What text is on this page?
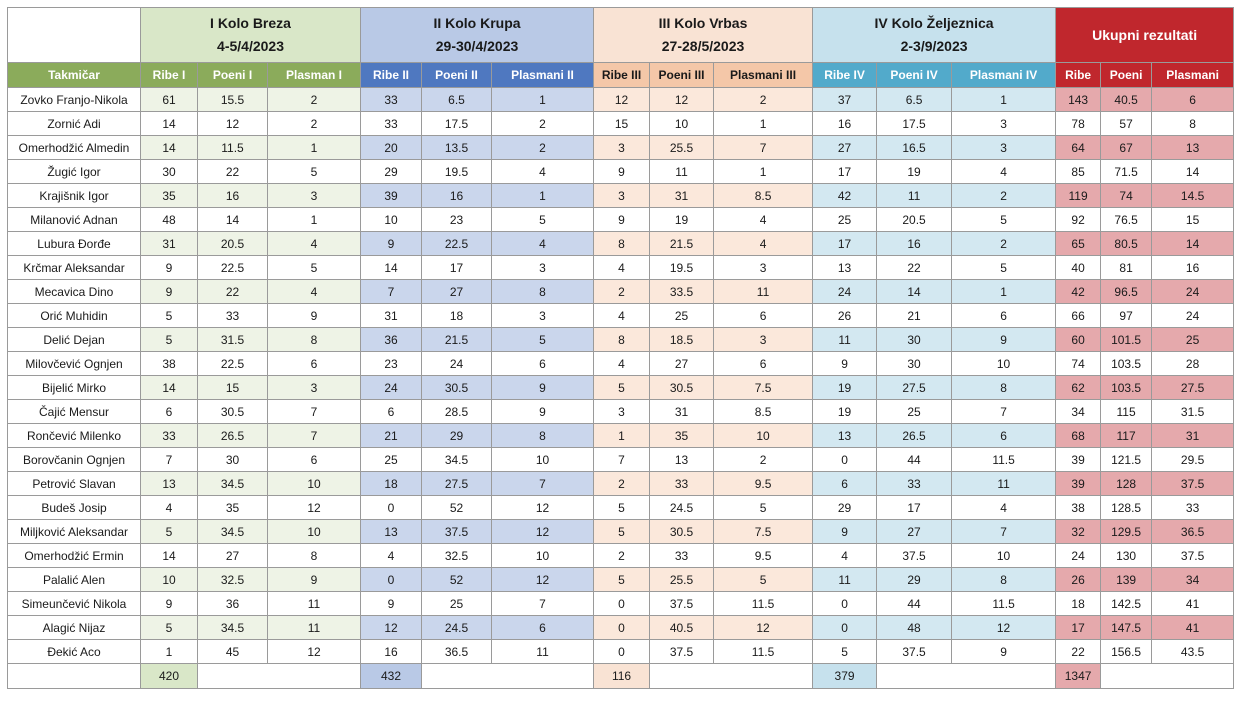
	I Kolo Breza
4-5/4/2023			II Kolo Krupa
29-30/4/2023			III Kolo Vrbas
27-28/5/2023			IV Kolo Željeznica
2-3/9/2023			Ukupni rezultati		
Takmičar	Ribe I	Poeni I	Plasman I	Ribe II	Poeni II	Plasmani II	Ribe III	Poeni III	Plasmani III	Ribe IV	Poeni IV	Plasmani IV	Ribe	Poeni	Plasmani
Zovko Franjo-Nikola	61	15.5	2	33	6.5	1	12	12	2	37	6.5	1	143	40.5	6
Zornić Adi	14	12	2	33	17.5	2	15	10	1	16	17.5	3	78	57	8
Omerhodžić Almedin	14	11.5	1	20	13.5	2	3	25.5	7	27	16.5	3	64	67	13
Žugić Igor	30	22	5	29	19.5	4	9	11	1	17	19	4	85	71.5	14
Krajišnik Igor	35	16	3	39	16	1	3	31	8.5	42	11	2	119	74	14.5
Milanović Adnan	48	14	1	10	23	5	9	19	4	25	20.5	5	92	76.5	15
Lubura Đorđe	31	20.5	4	9	22.5	4	8	21.5	4	17	16	2	65	80.5	14
Krčmar Aleksandar	9	22.5	5	14	17	3	4	19.5	3	13	22	5	40	81	16
Mecavica Dino	9	22	4	7	27	8	2	33.5	11	24	14	1	42	96.5	24
Orić Muhidin	5	33	9	31	18	3	4	25	6	26	21	6	66	97	24
Delić Dejan	5	31.5	8	36	21.5	5	8	18.5	3	11	30	9	60	101.5	25
Milovčević Ognjen	38	22.5	6	23	24	6	4	27	6	9	30	10	74	103.5	28
Bijelić Mirko	14	15	3	24	30.5	9	5	30.5	7.5	19	27.5	8	62	103.5	27.5
Čajić Mensur	6	30.5	7	6	28.5	9	3	31	8.5	19	25	7	34	115	31.5
Rončević Milenko	33	26.5	7	21	29	8	1	35	10	13	26.5	6	68	117	31
Borovčanin Ognjen	7	30	6	25	34.5	10	7	13	2	0	44	11.5	39	121.5	29.5
Petrović Slavan	13	34.5	10	18	27.5	7	2	33	9.5	6	33	11	39	128	37.5
Budeš Josip	4	35	12	0	52	12	5	24.5	5	29	17	4	38	128.5	33
Miljković Aleksandar	5	34.5	10	13	37.5	12	5	30.5	7.5	9	27	7	32	129.5	36.5
Omerhodžić Ermin	14	27	8	4	32.5	10	2	33	9.5	4	37.5	10	24	130	37.5
Palalić Alen	10	32.5	9	0	52	12	5	25.5	5	11	29	8	26	139	34
Simeunčević Nikola	9	36	11	9	25	7	0	37.5	11.5	0	44	11.5	18	142.5	41
Alagić Nijaz	5	34.5	11	12	24.5	6	0	40.5	12	0	48	12	17	147.5	41
Đekić Aco	1	45	12	16	36.5	11	0	37.5	11.5	5	37.5	9	22	156.5	43.5
	420			432			116			379			1347		
